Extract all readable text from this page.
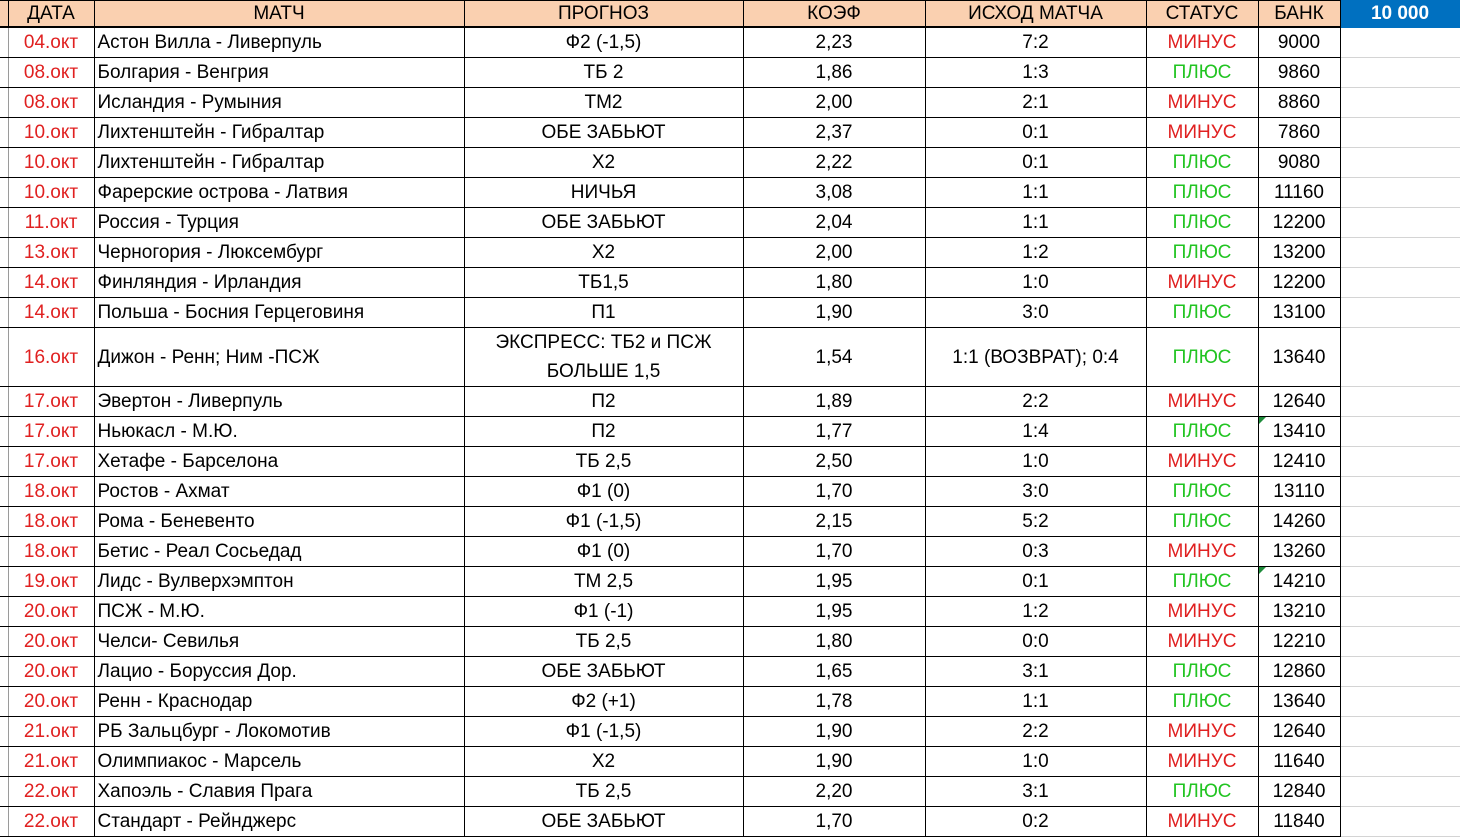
	ДАТА	МАТЧ	ПРОГНОЗ	КОЭФ	ИСХОД МАТЧА	СТАТУС	БАНК	10 000
	04.окт	Астон Вилла - Ливерпуль	Ф2 (-1,5)	2,23	7:2	МИНУС	9000	
	08.окт	Болгария - Венгрия	ТБ 2	1,86	1:3	ПЛЮС	9860	
	08.окт	Исландия - Румыния	ТМ2	2,00	2:1	МИНУС	8860	
	10.окт	Лихтенштейн - Гибралтар	ОБЕ ЗАБЬЮТ	2,37	0:1	МИНУС	7860	
	10.окт	Лихтенштейн - Гибралтар	Х2	2,22	0:1	ПЛЮС	9080	
	10.окт	Фарерские острова - Латвия	НИЧЬЯ	3,08	1:1	ПЛЮС	11160	
	11.окт	Россия - Турция	ОБЕ ЗАБЬЮТ	2,04	1:1	ПЛЮС	12200	
	13.окт	Черногория - Люксембург	Х2	2,00	1:2	ПЛЮС	13200	
	14.окт	Финляндия - Ирландия	ТБ1,5	1,80	1:0	МИНУС	12200	
	14.окт	Польша - Босния Герцеговиня	П1	1,90	3:0	ПЛЮС	13100	
	16.окт	Дижон - Ренн; Ним -ПСЖ	ЭКСПРЕСС: ТБ2 и ПСЖ БОЛЬШЕ 1,5	1,54	1:1 (ВОЗВРАТ); 0:4	ПЛЮС	13640	
	17.окт	Эвертон - Ливерпуль	П2	1,89	2:2	МИНУС	12640	
	17.окт	Ньюкасл - М.Ю.	П2	1,77	1:4	ПЛЮС	13410	
	17.окт	Хетафе - Барселона	ТБ 2,5	2,50	1:0	МИНУС	12410	
	18.окт	Ростов - Ахмат	Ф1 (0)	1,70	3:0	ПЛЮС	13110	
	18.окт	Рома - Беневенто	Ф1 (-1,5)	2,15	5:2	ПЛЮС	14260	
	18.окт	Бетис - Реал Сосьедад	Ф1 (0)	1,70	0:3	МИНУС	13260	
	19.окт	Лидс - Вулверхэмптон	ТМ 2,5	1,95	0:1	ПЛЮС	14210	
	20.окт	ПСЖ - М.Ю.	Ф1 (-1)	1,95	1:2	МИНУС	13210	
	20.окт	Челси- Севилья	ТБ 2,5	1,80	0:0	МИНУС	12210	
	20.окт	Лацио - Боруссия Дор.	ОБЕ ЗАБЬЮТ	1,65	3:1	ПЛЮС	12860	
	20.окт	Ренн - Краснодар	Ф2 (+1)	1,78	1:1	ПЛЮС	13640	
	21.окт	РБ Зальцбург - Локомотив	Ф1 (-1,5)	1,90	2:2	МИНУС	12640	
	21.окт	Олимпиакос - Марсель	Х2	1,90	1:0	МИНУС	11640	
	22.окт	Хапоэль - Славия Прага	ТБ 2,5	2,20	3:1	ПЛЮС	12840	
	22.окт	Стандарт - Рейнджерс	ОБЕ ЗАБЬЮТ	1,70	0:2	МИНУС	11840	
